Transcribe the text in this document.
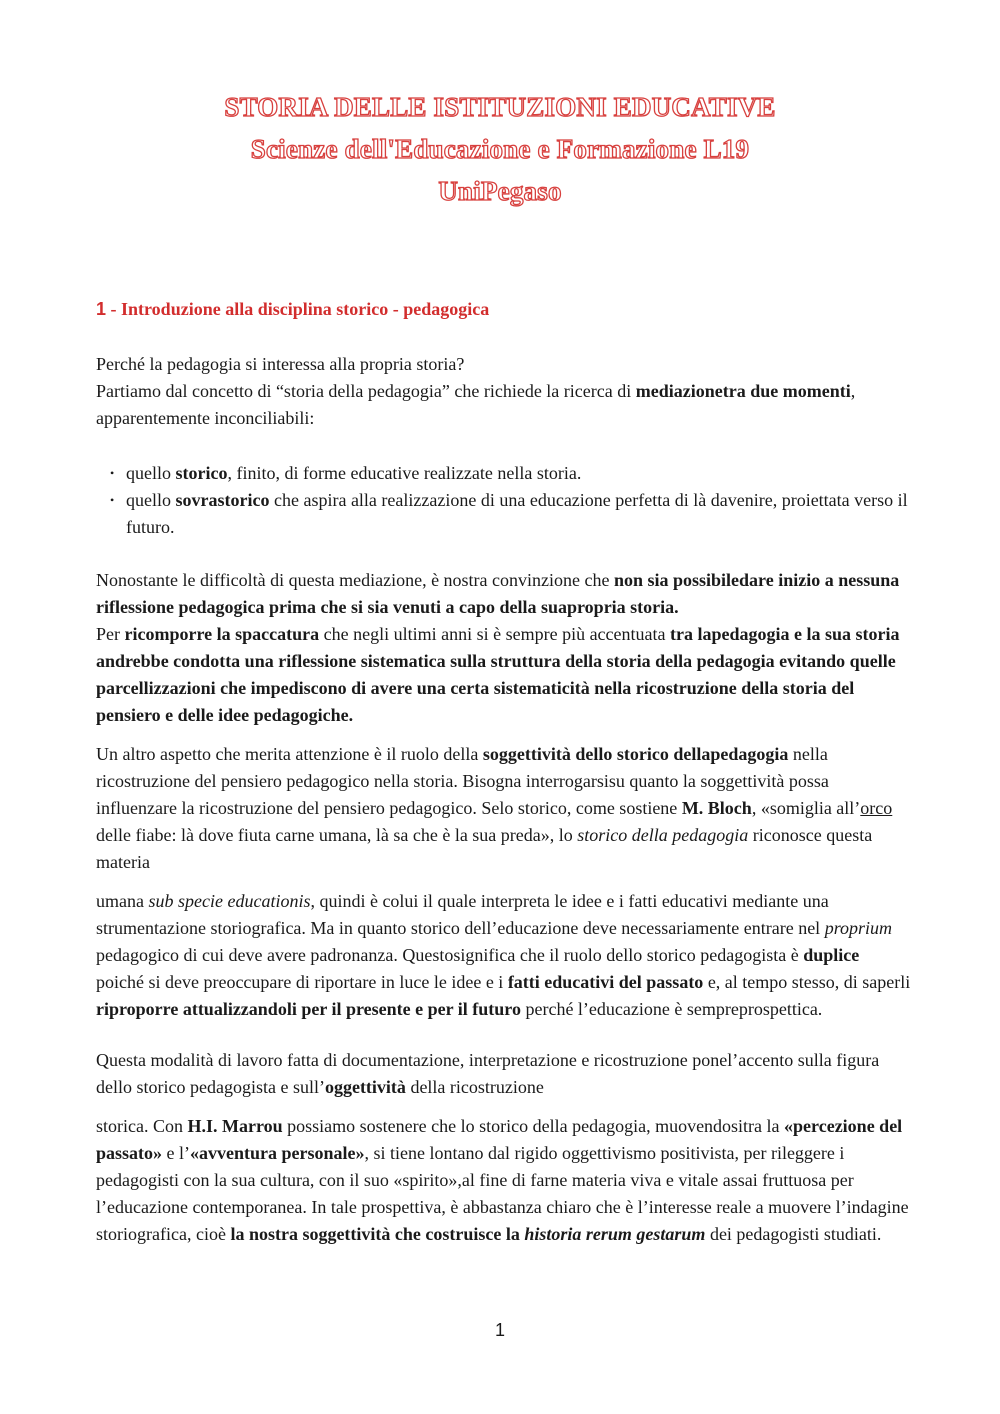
STORIA DELLE ISTITUZIONI EDUCATIVE
Scienze dell'Educazione e Formazione L19
UniPegaso
1 - Introduzione alla disciplina storico - pedagogica

Perché la pedagogia si interessa alla propria storia?

Partiamo dal concetto di “storia della pedagogia” che richiede la ricerca di mediazionetra due momenti, apparentemente inconciliabili:

• quello storico, finito, di forme educative realizzate nella storia.
• quello sovrastorico che aspira alla realizzazione di una educazione perfetta di là davenire, proiettata verso il futuro.

Nonostante le difficoltà di questa mediazione, è nostra convinzione che non sia possibiledare inizio a nessuna riflessione pedagogica prima che si sia venuti a capo della suapropria storia.

Per ricomporre la spaccatura che negli ultimi anni si è sempre più accentuata tra lapedagogia e la sua storia andrebbe condotta una riflessione sistematica sulla struttura della storia della pedagogia evitando quelle parcellizzazioni che impediscono di avere una certa sistematicità nella ricostruzione della storia del pensiero e delle idee pedagogiche.

Un altro aspetto che merita attenzione è il ruolo della soggettività dello storico dellapedagogia nella ricostruzione del pensiero pedagogico nella storia. Bisogna interrogarsisu quanto la soggettività possa influenzare la ricostruzione del pensiero pedagogico. Selo storico, come sostiene M. Bloch, «somiglia all’orco delle fiabe: là dove fiuta carne umana, là sa che è la sua preda», lo storico della pedagogia riconosce questa materia

umana sub specie educationis, quindi è colui il quale interpreta le idee e i fatti educativi mediante una strumentazione storiografica. Ma in quanto storico dell’educazione deve necessariamente entrare nel proprium pedagogico di cui deve avere padronanza. Questosignifica che il ruolo dello storico pedagogista è duplice poiché si deve preoccupare di riportare in luce le idee e i fatti educativi del passato e, al tempo stesso, di saperli riproporre attualizzandoli per il presente e per il futuro perché l’educazione è sempreprospettica.

Questa modalità di lavoro fatta di documentazione, interpretazione e ricostruzione ponel’accento sulla figura dello storico pedagogista e sull’oggettività della ricostruzione

storica. Con H.I. Marrou possiamo sostenere che lo storico della pedagogia, muovendositra la «percezione del passato» e l’«avventura personale», si tiene lontano dal rigido oggettivismo positivista, per rileggere i pedagogisti con la sua cultura, con il suo «spirito»,al fine di farne materia viva e vitale assai fruttuosa per l’educazione contemporanea. In tale prospettiva, è abbastanza chiaro che è l’interesse reale a muovere l’indagine storiografica, cioè la nostra soggettività che costruisce la historia rerum gestarum dei pedagogisti studiati.

1
